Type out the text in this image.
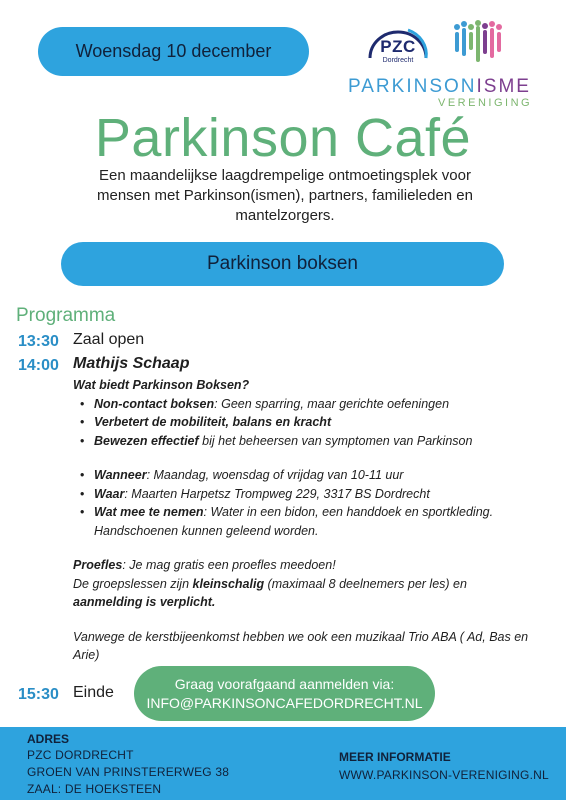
Woensdag 10 december	PZC
Dordrecht
PARKINSONISME
VERENIGING
Parkinson Café
Een maandelijkse laagdrempelige ontmoetingsplek voor mensen met Parkinson(ismen), partners, familieleden en mantelzorgers.
Parkinson boksen
Programma
13:30 Zaal open
14:00 Mathijs Schaap
Wat biedt Parkinson Boksen?
• Non-contact boksen: Geen sparring, maar gerichte oefeningen
• Verbetert de mobiliteit, balans en kracht
• Bewezen effectief bij het beheersen van symptomen van Parkinson
• Wanneer: Maandag, woensdag of vrijdag van 10-11 uur
• Waar: Maarten Harpetsz Trompweg 229, 3317 BS Dordrecht
• Wat mee te nemen: Water in een bidon, een handdoek en sportkleding. Handschoenen kunnen geleend worden.
Proefles: Je mag gratis een proefles meedoen!
De groepslessen zijn kleinschalig (maximaal 8 deelnemers per les) en aanmelding is verplicht.
Vanwege de kerstbijeenkomst hebben we ook een muzikaal Trio ABA ( Ad, Bas en Arie)
15:30 Einde
Graag voorafgaand aanmelden via:
INFO@PARKINSONCAFEDORDRECHT.NL
ADRES
PZC DORDRECHT
GROEN VAN PRINSTERERWEG 38
ZAAL: DE HOEKSTEEN
MEER INFORMATIE
WWW.PARKINSON-VERENIGING.NL
